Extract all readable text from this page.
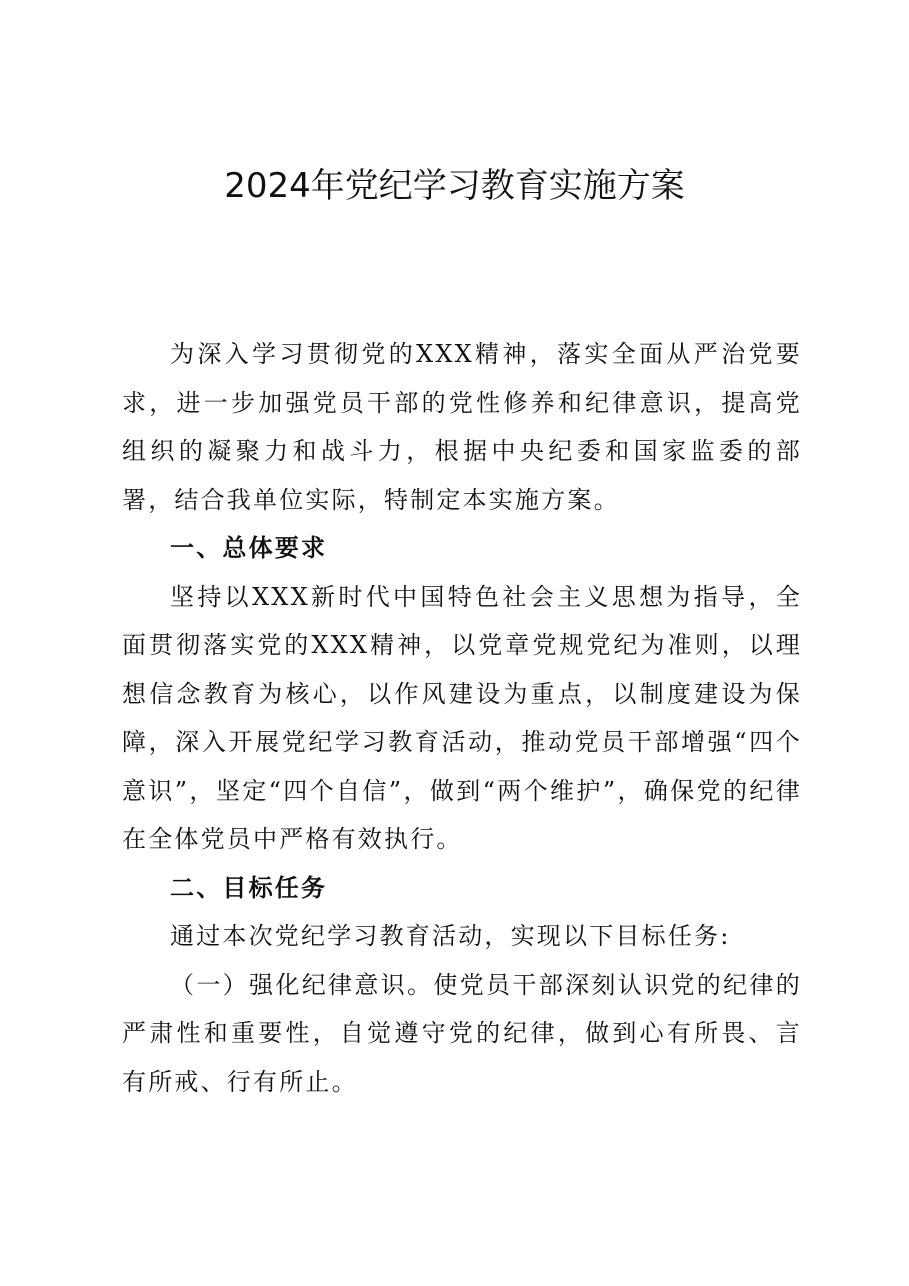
2024年党纪学习教育实施方案

为深入学习贯彻党的XXX精神，落实全面从严治党要求，进一步加强党员干部的党性修养和纪律意识，提高党组织的凝聚力和战斗力，根据中央纪委和国家监委的部署，结合我单位实际，特制定本实施方案。

一、总体要求

坚持以XXX新时代中国特色社会主义思想为指导，全面贯彻落实党的XXX精神，以党章党规党纪为准则，以理想信念教育为核心，以作风建设为重点，以制度建设为保障，深入开展党纪学习教育活动，推动党员干部增强“四个意识”，坚定“四个自信”，做到“两个维护”，确保党的纪律在全体党员中严格有效执行。

二、目标任务

通过本次党纪学习教育活动，实现以下目标任务:

（一）强化纪律意识。使党员干部深刻认识党的纪律的严肃性和重要性，自觉遵守党的纪律，做到心有所畏、言有所戒、行有所止。
